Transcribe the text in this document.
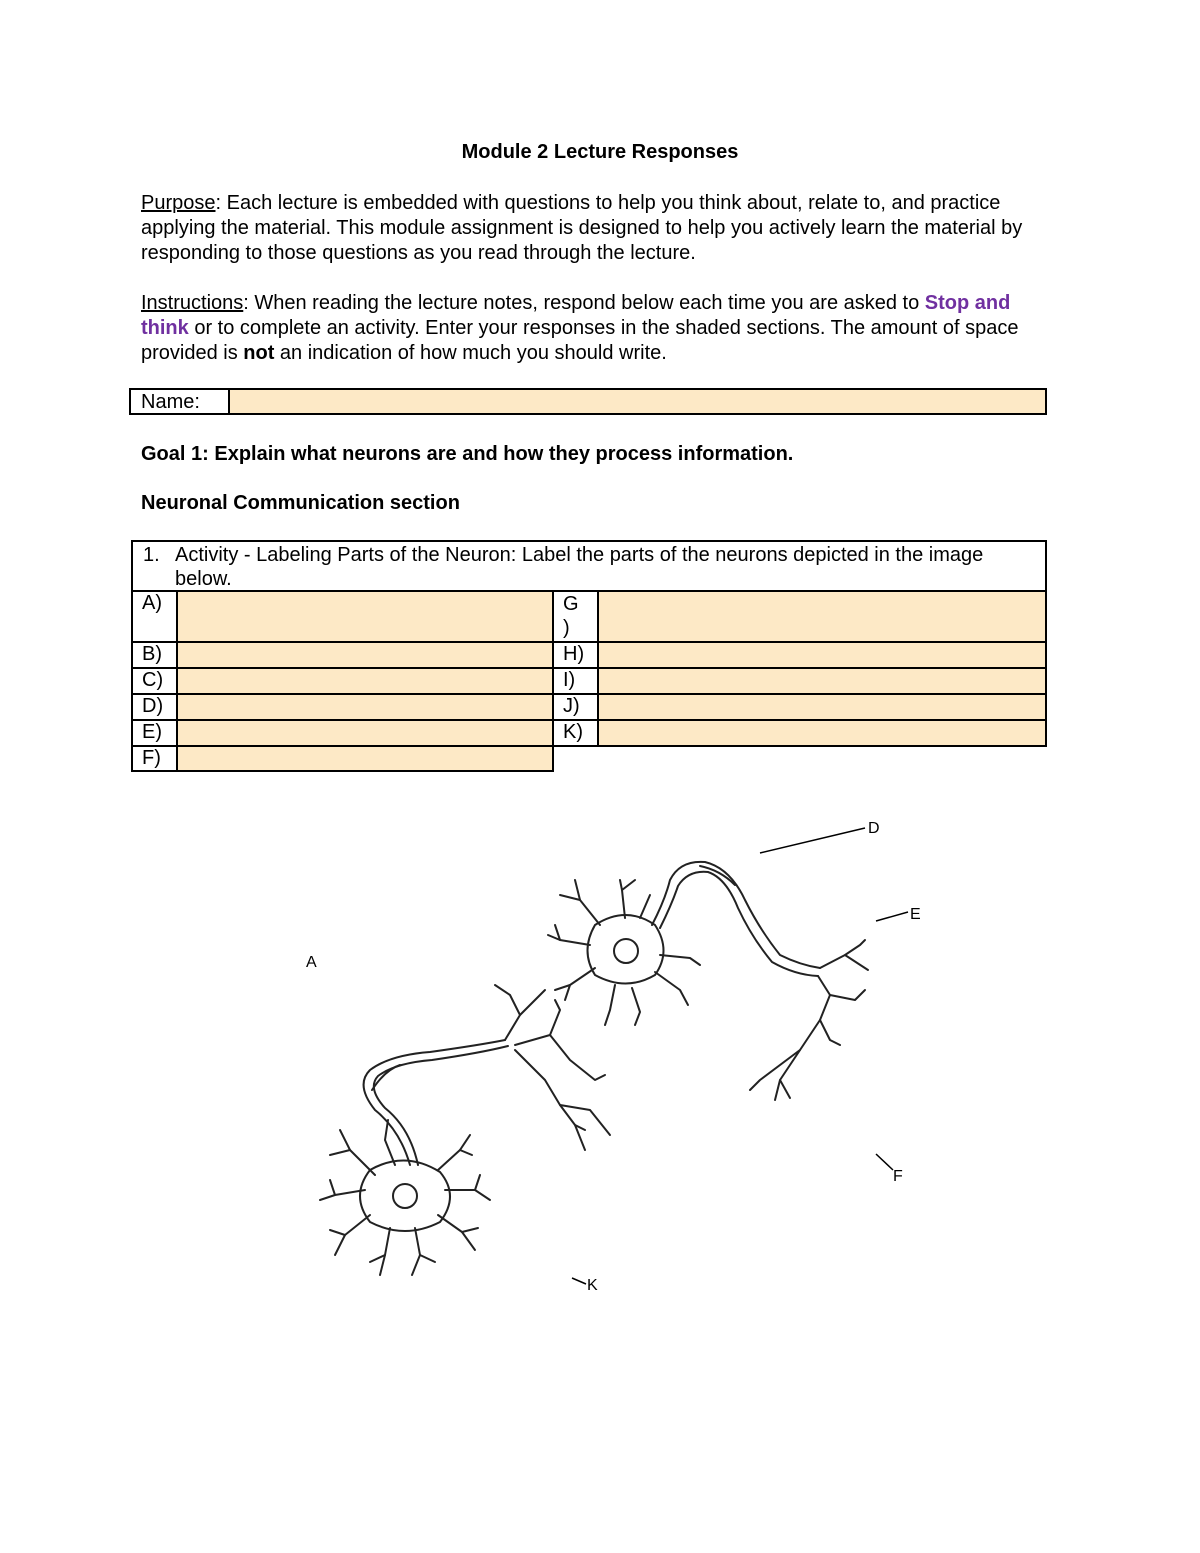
Module 2 Lecture Responses
Purpose: Each lecture is embedded with questions to help you think about, relate to, and practice applying the material. This module assignment is designed to help you actively learn the material by responding to those questions as you read through the lecture.
Instructions: When reading the lecture notes, respond below each time you are asked to Stop and think or to complete an activity. Enter your responses in the shaded sections. The amount of space provided is not an indication of how much you should write.
Name:
Goal 1: Explain what neurons are and how they process information.
Neuronal Communication section
1. Activity - Labeling Parts of the Neuron: Label the parts of the neurons depicted in the image below.
A)
B)
C)
D)
E)
F)
G )
H)
I)
J)
K)
D
E
A
F
K
